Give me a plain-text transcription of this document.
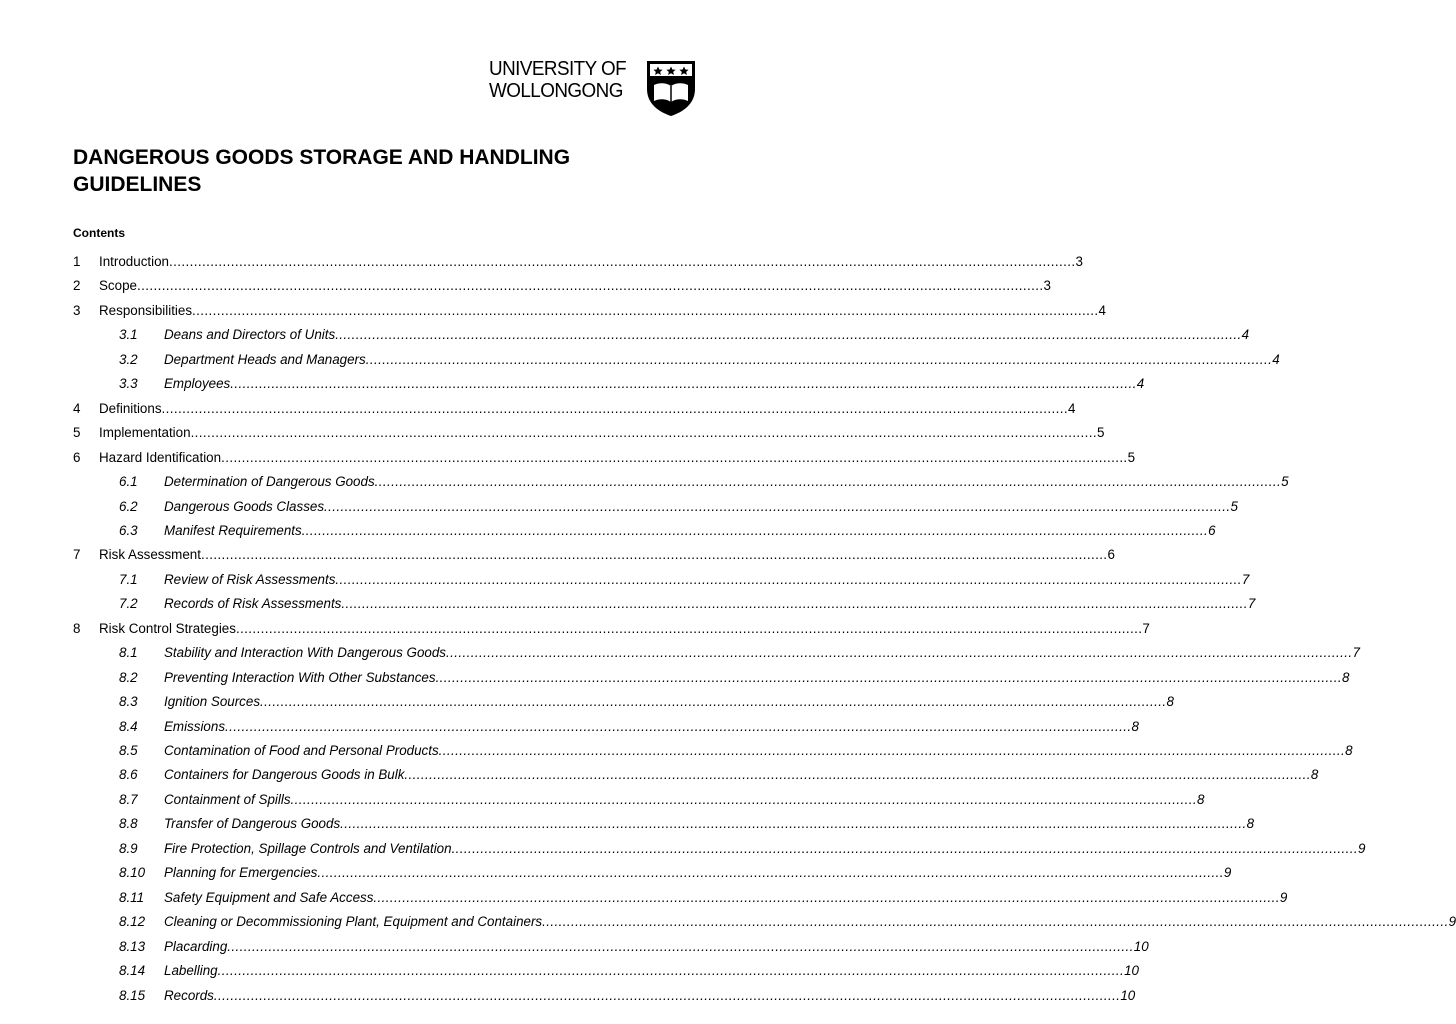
UNIVERSITY OF
WOLLONGONG
DANGEROUS GOODS STORAGE AND HANDLING GUIDELINES
Contents
1 Introduction ............................................................................................................................................................................................................................ 3
2 Scope ............................................................................................................................................................................................................................ 3
3 Responsibilities ............................................................................................................................................................................................................................ 4
3.1 Deans and Directors of Units ............................................................................................................................................................................................................................ 4
3.2 Department Heads and Managers ............................................................................................................................................................................................................................ 4
3.3 Employees ............................................................................................................................................................................................................................ 4
4 Definitions ............................................................................................................................................................................................................................ 4
5 Implementation ............................................................................................................................................................................................................................ 5
6 Hazard Identification ............................................................................................................................................................................................................................ 5
6.1 Determination of Dangerous Goods ............................................................................................................................................................................................................................ 5
6.2 Dangerous Goods Classes ............................................................................................................................................................................................................................ 5
6.3 Manifest Requirements ............................................................................................................................................................................................................................ 6
7 Risk Assessment ............................................................................................................................................................................................................................ 6
7.1 Review of Risk Assessments ............................................................................................................................................................................................................................ 7
7.2 Records of Risk Assessments ............................................................................................................................................................................................................................ 7
8 Risk Control Strategies ............................................................................................................................................................................................................................ 7
8.1 Stability and Interaction With Dangerous Goods ............................................................................................................................................................................................................................ 7
8.2 Preventing Interaction With Other Substances ............................................................................................................................................................................................................................ 8
8.3 Ignition Sources ............................................................................................................................................................................................................................ 8
8.4 Emissions ............................................................................................................................................................................................................................ 8
8.5 Contamination of Food and Personal Products ............................................................................................................................................................................................................................ 8
8.6 Containers for Dangerous Goods in Bulk ............................................................................................................................................................................................................................ 8
8.7 Containment of Spills ............................................................................................................................................................................................................................ 8
8.8 Transfer of Dangerous Goods ............................................................................................................................................................................................................................ 8
8.9 Fire Protection, Spillage Controls and Ventilation ............................................................................................................................................................................................................................ 9
8.10 Planning for Emergencies ............................................................................................................................................................................................................................ 9
8.11 Safety Equipment and Safe Access ............................................................................................................................................................................................................................ 9
8.12 Cleaning or Decommissioning Plant, Equipment and Containers ............................................................................................................................................................................................................................ 9
8.13 Placarding ............................................................................................................................................................................................................................ 10
8.14 Labelling ............................................................................................................................................................................................................................ 10
8.15 Records ............................................................................................................................................................................................................................ 10
